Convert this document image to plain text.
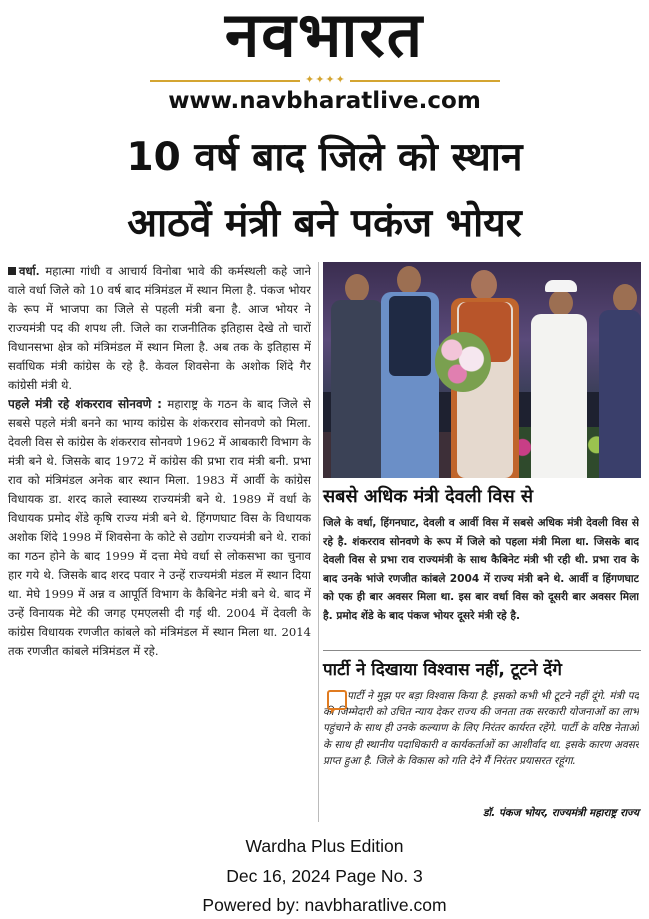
नवभारत
✦✦✦✦
www.navbharatlive.com
10 वर्ष बाद जिले को स्थान
आठवें मंत्री बने पकंज भोयर

वर्धा. महात्मा गांधी व आचार्य विनोबा भावे की कर्मस्थली कहे जाने वाले वर्धा जिले को 10 वर्ष बाद मंत्रिमंडल में स्थान मिला है. पंकज भोयर के रूप में भाजपा का जिले से पहली मंत्री बना है. आज भोयर ने राज्यमंत्री पद की शपथ ली. जिले का राजनीतिक इतिहास देखे तो चारों विधानसभा क्षेत्र को मंत्रिमंडल में स्थान मिला है. अब तक के इतिहास में सर्वाधिक मंत्री कांग्रेस के रहे है. केवल शिवसेना के अशोक शिंदे गैर कांग्रेसी मंत्री थे.

पहले मंत्री रहे शंकरराव सोनवणे : महाराष्ट्र के गठन के बाद जिले से सबसे पहले मंत्री बनने का भाग्य कांग्रेस के शंकरराव सोनवणे को मिला. देवली विस से कांग्रेस के शंकरराव सोनवणे 1962 में आबकारी विभाग के मंत्री बने थे. जिसके बाद 1972 में कांग्रेस की प्रभा राव मंत्री बनी. प्रभा राव को मंत्रिमंडल अनेक बार स्थान मिला. 1983 में आर्वी के कांग्रेस विधायक डा. शरद काले स्वास्थ्य राज्यमंत्री बने थे. 1989 में वर्धा के विधायक प्रमोद शेंडे कृषि राज्य मंत्री बने थे. हिंगणघाट विस के विधायक अशोक शिंदे 1998 में शिवसेना के कोटे से उद्योग राज्यमंत्री बने थे. राकां का गठन होने के बाद 1999 में दत्ता मेघे वर्धा से लोकसभा का चुनाव हार गये थे. जिसके बाद शरद पवार ने उन्हें राज्यमंत्री मंडल में स्थान दिया था. मेघे 1999 में अन्न व आपूर्ति विभाग के कैबिनेट मंत्री बने थे. बाद में उन्हें विनायक मेटे की जगह एमएलसी दी गई थी. 2004 में देवली के कांग्रेस विधायक रणजीत कांबले को मंत्रिमंडल में स्थान मिला था. 2014 तक रणजीत कांबले मंत्रिमंडल में रहे.

सबसे अधिक मंत्री देवली विस से
जिले के वर्धा, हिंगनघाट, देवली व आर्वी विस में सबसे अधिक मंत्री देवली विस से रहे है. शंकरराव सोनवणे के रूप में जिले को पहला मंत्री मिला था. जिसके बाद देवली विस से प्रभा राव राज्यमंत्री के साथ कैबिनेट मंत्री भी रही थी. प्रभा राव के बाद उनके भांजे रणजीत कांबले 2004 में राज्य मंत्री बने थे. आर्वी व हिंगणघाट को एक ही बार अवसर मिला था. इस बार वर्धा विस को दूसरी बार अवसर मिला है. प्रमोद शेंडे के बाद पंकज भोयर दूसरे मंत्री रहे है.
पार्टी ने दिखाया विश्वास नहीं, टूटने देंगे
पार्टी ने मुझ पर बड़ा विश्वास किया है. इसको कभी भी टूटने नहीं दूंगे. मंत्री पद की जिम्मेदारी को उचित न्याय देकर राज्य की जनता तक सरकारी योजनाओं का लाभ पहुंचाने के साथ ही उनके कल्याण के लिए निरंतर कार्यरत रहेंगे. पार्टी के वरिष्ठ नेताओं के साथ ही स्थानीय पदाधिकारी व कार्यकर्ताओं का आशीर्वाद था. इसके कारण अवसर प्राप्त हुआ है. जिले के विकास को गति देने मैं निरंतर प्रयासरत रहूंगा.
डॉ. पंकज भोयर, राज्यमंत्री महाराष्ट्र राज्य
Wardha Plus Edition
Dec 16, 2024 Page No. 3
Powered by: navbharatlive.com
